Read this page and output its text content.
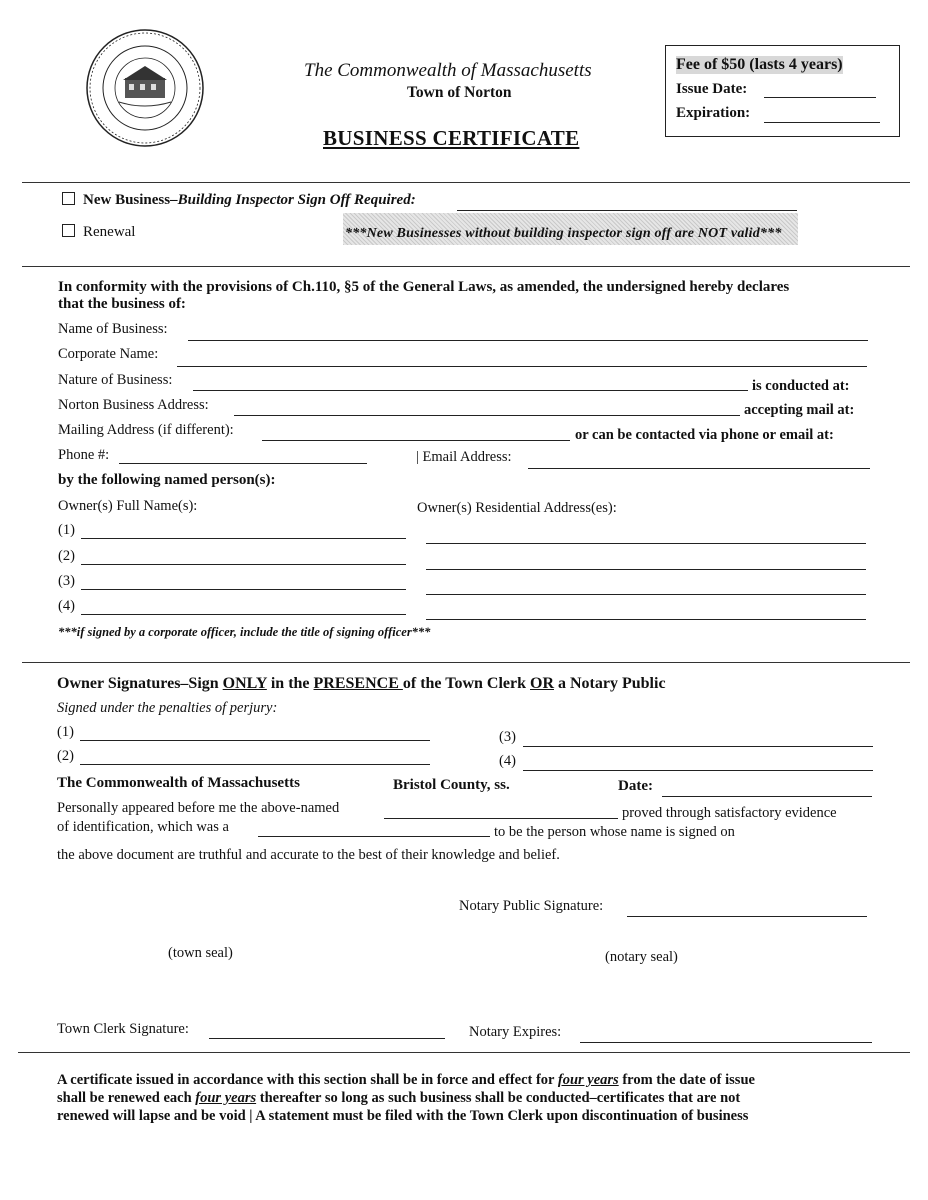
The Commonwealth of Massachusetts
Town of Norton
BUSINESS CERTIFICATE
Fee of $50 (lasts 4 years)
Issue Date:
Expiration:
New Business–Building Inspector Sign Off Required:
Renewal	***New Businesses without building inspector sign off are NOT valid***
In conformity with the provisions of Ch.110, §5 of the General Laws, as amended, the undersigned hereby declares
that the business of:
Name of Business:
Corporate Name:
Nature of Business:	is conducted at:
Norton Business Address:	accepting mail at:
Mailing Address (if different):	or can be contacted via phone or email at:
Phone #:	| Email Address:
by the following named person(s):
Owner(s) Full Name(s):	Owner(s) Residential Address(es):
(1)
(2)
(3)
(4)
***if signed by a corporate officer, include the title of signing officer***
Owner Signatures–Sign ONLY in the PRESENCE of the Town Clerk OR a Notary Public
Signed under the penalties of perjury:
(1)	(3)
(2)	(4)
The Commonwealth of Massachusetts	Bristol County, ss.	Date:
Personally appeared before me the above-named	proved through satisfactory evidence
of identification, which was a	to be the person whose name is signed on
the above document are truthful and accurate to the best of their knowledge and belief.
Notary Public Signature:
(town seal)	(notary seal)
Town Clerk Signature:	Notary Expires:
A certificate issued in accordance with this section shall be in force and effect for four years from the date of issue
shall be renewed each four years thereafter so long as such business shall be conducted–certificates that are not
renewed will lapse and be void | A statement must be filed with the Town Clerk upon discontinuation of business
